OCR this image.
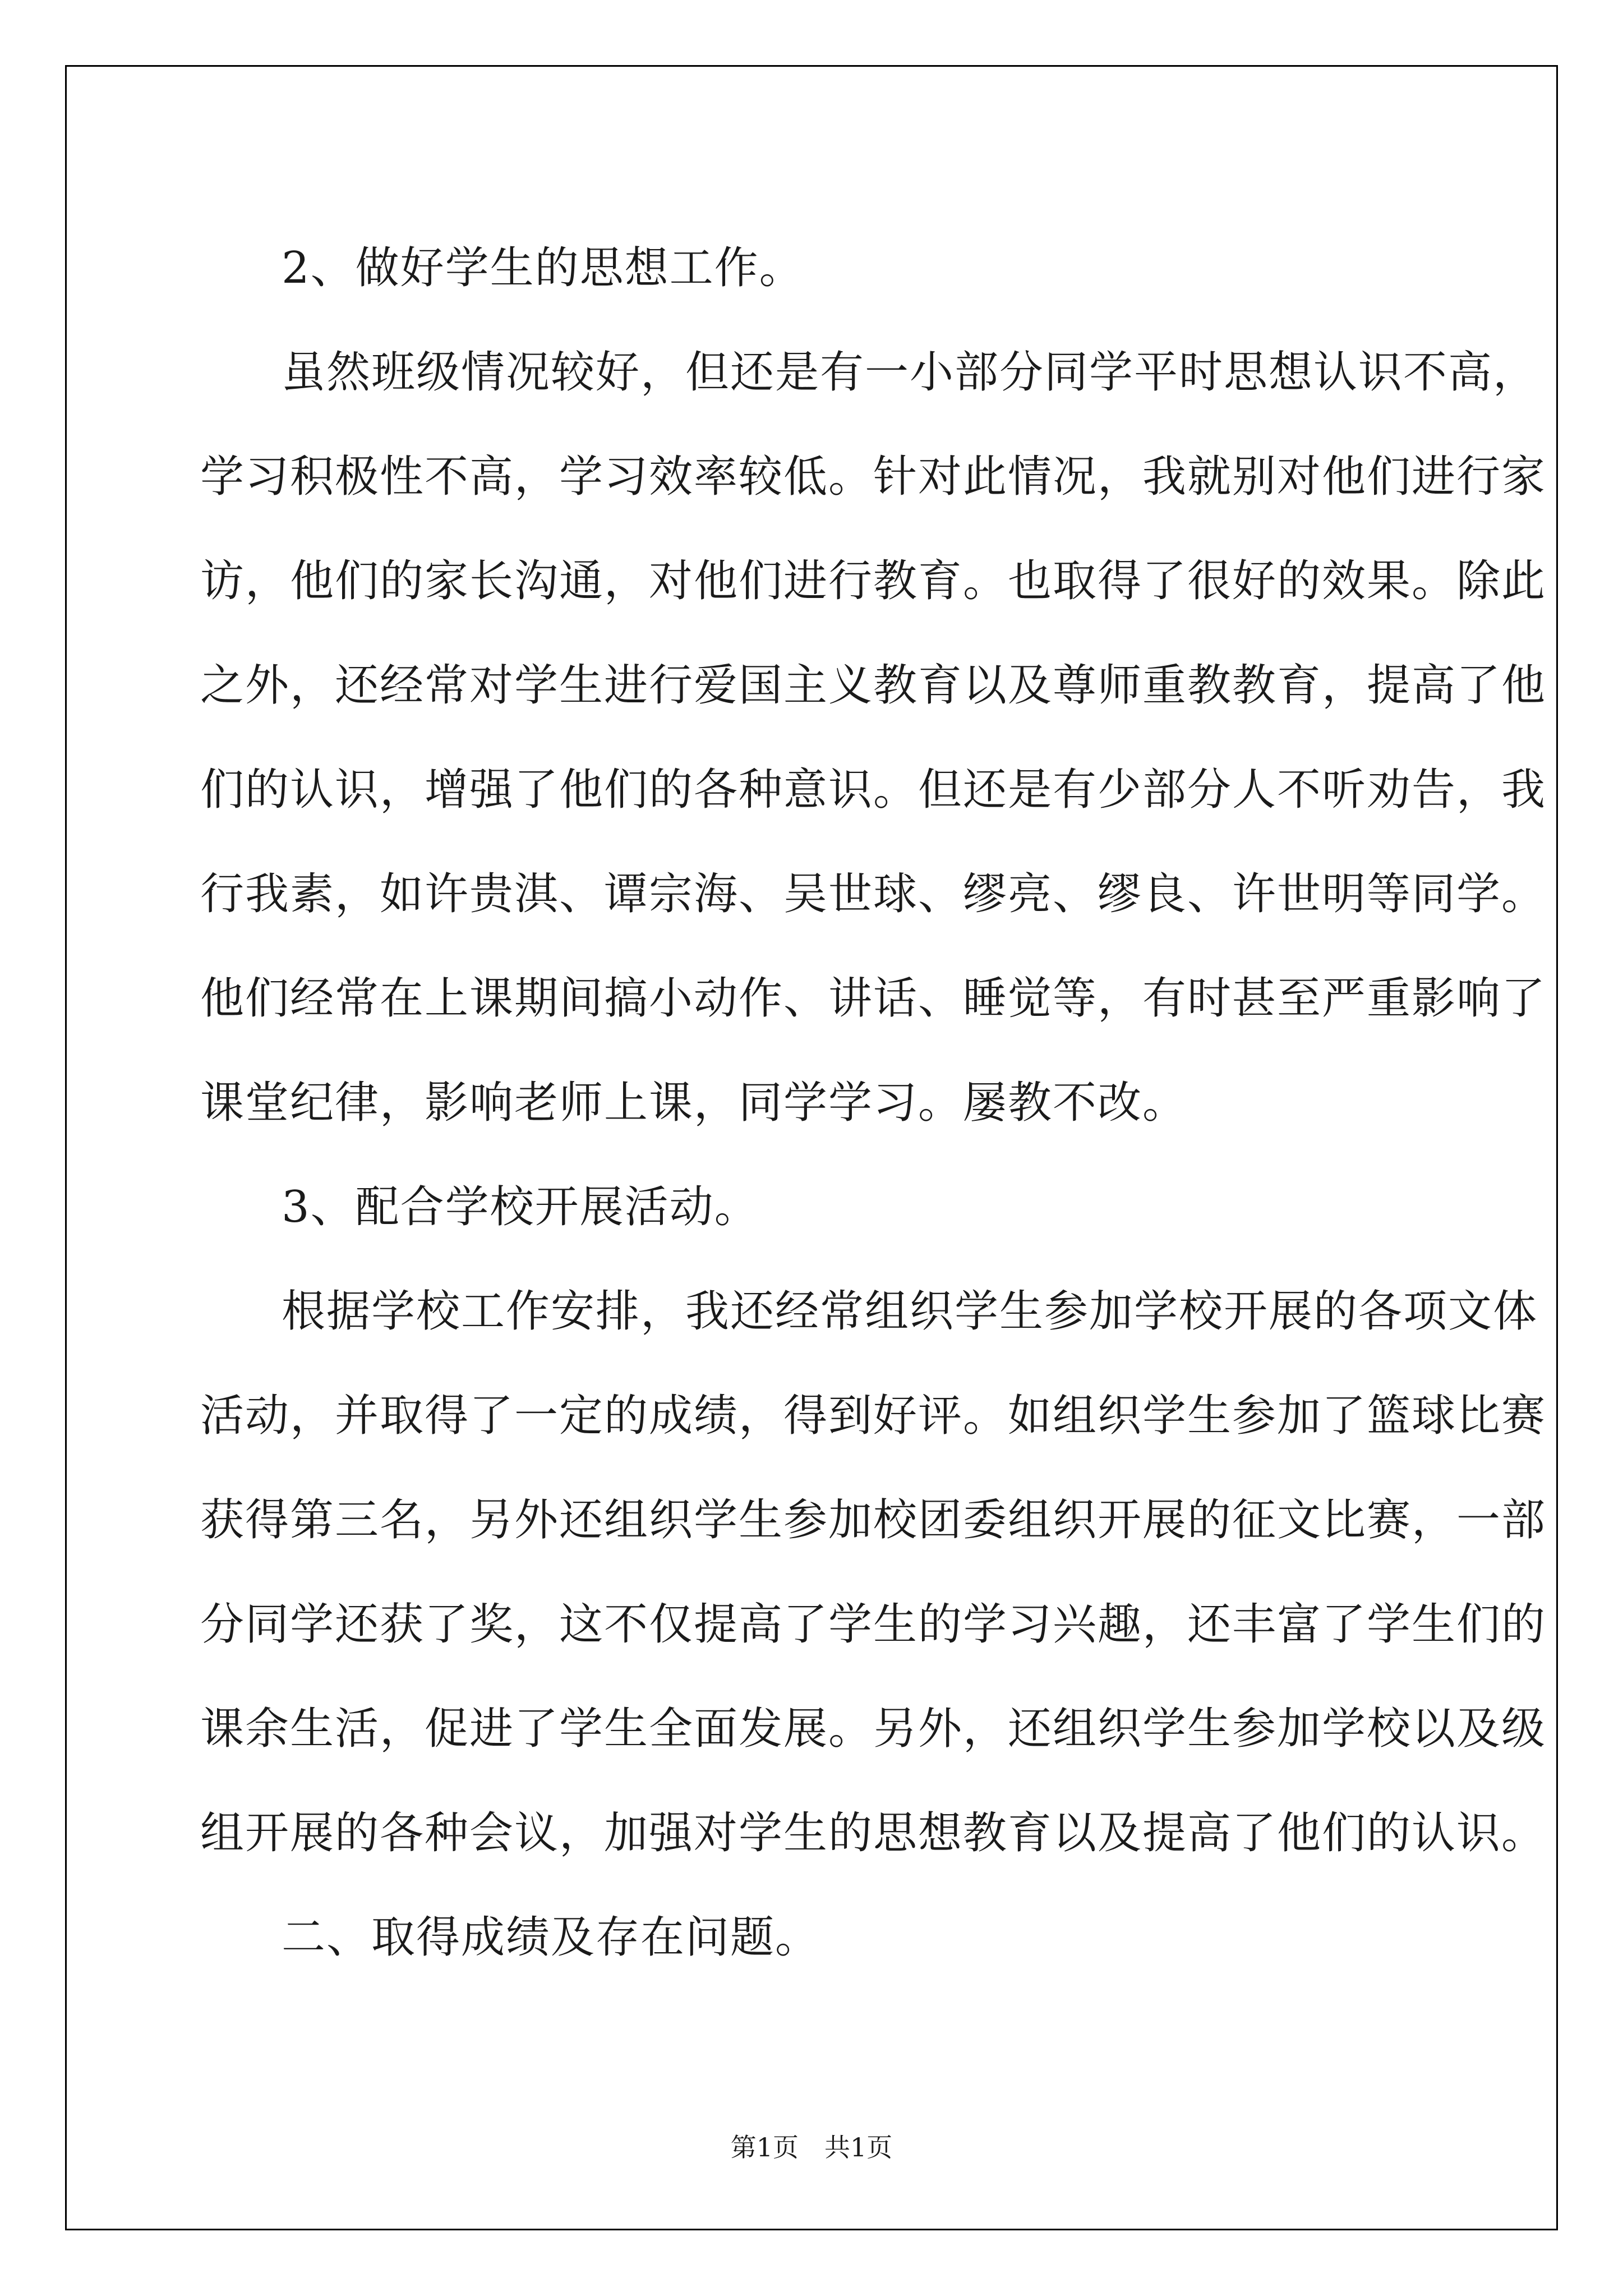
2、做好学生的思想工作。
虽然班级情况较好，但还是有一小部分同学平时思想认识不高，
学习积极性不高，学习效率较低。针对此情况，我就别对他们进行家
访，他们的家长沟通，对他们进行教育。也取得了很好的效果。除此
之外，还经常对学生进行爱国主义教育以及尊师重教教育，提高了他
们的认识，增强了他们的各种意识。但还是有少部分人不听劝告，我
行我素，如许贵淇、谭宗海、吴世球、缪亮、缪良、许世明等同学。
他们经常在上课期间搞小动作、讲话、睡觉等，有时甚至严重影响了
课堂纪律，影响老师上课，同学学习。屡教不改。
3、配合学校开展活动。
根据学校工作安排，我还经常组织学生参加学校开展的各项文体
活动，并取得了一定的成绩，得到好评。如组织学生参加了篮球比赛
获得第三名，另外还组织学生参加校团委组织开展的征文比赛，一部
分同学还获了奖，这不仅提高了学生的学习兴趣，还丰富了学生们的
课余生活，促进了学生全面发展。另外，还组织学生参加学校以及级
组开展的各种会议，加强对学生的思想教育以及提高了他们的认识。
二、取得成绩及存在问题。
第1页　共1页
